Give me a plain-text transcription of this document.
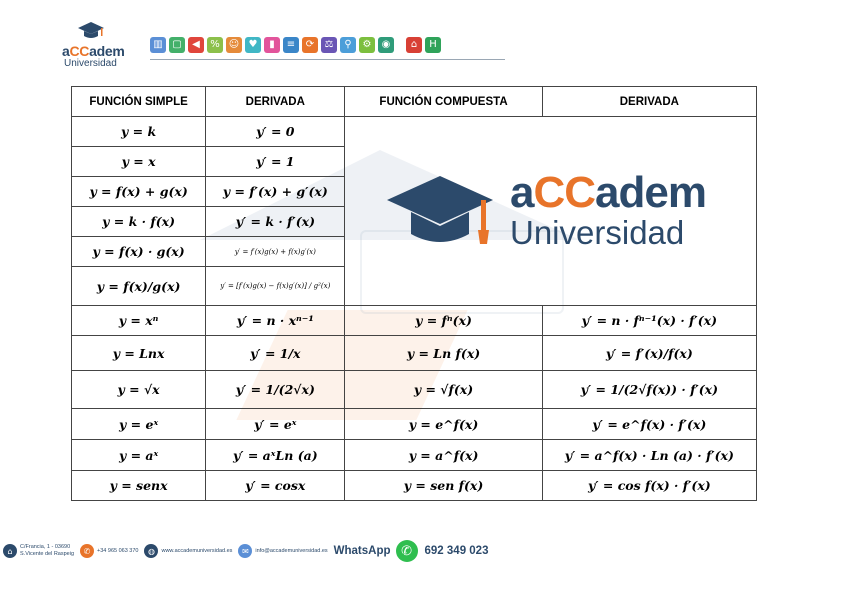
aCCadem
Universidad
▥ ▢	◀	% ☺ ♥	▮	≡	⟳	⚖	⚲	⚙	◉	⌂	H
aCCadem
Universidad
FUNCIÓN SIMPLE	DERIVADA	FUNCIÓN COMPUESTA	DERIVADA
y = k	y′ = 0		
y = x	y′ = 1		
y = f(x) + g(x)	y = f′(x) + g′(x)		
y = k · f(x)	y′ = k · f′(x)		
y = f(x) · g(x)	y′ = f′(x)g(x) + f(x)g′(x)		
y = f(x)/g(x)	y′ = [f′(x)g(x) − f(x)g′(x)] / g²(x)		
y = xⁿ	y′ = n · xⁿ⁻¹	y = fⁿ(x)	y′ = n · fⁿ⁻¹(x) · f′(x)
y = Lnx	y′ = 1/x	y = Ln f(x)	y′ = f′(x)/f(x)
y = √x	y′ = 1/(2√x)	y = √f(x)	y′ = 1/(2√f(x)) · f′(x)
y = eˣ	y′ = eˣ	y = e^f(x)	y′ = e^f(x) · f′(x)
y = aˣ	y′ = aˣLn (a)	y = a^f(x)	y′ = a^f(x) · Ln (a) · f′(x)
y = senx	y′ = cosx	y = sen f(x)	y′ = cos f(x) · f′(x)
⌂	C/Francia, 1 - 03690
S.Vicente del Raspeig	✆	+34 965 063 370	◍	www.accademuniversidad.es	✉	info@accademuniversidad.es WhatsApp ✆	692 349 023
